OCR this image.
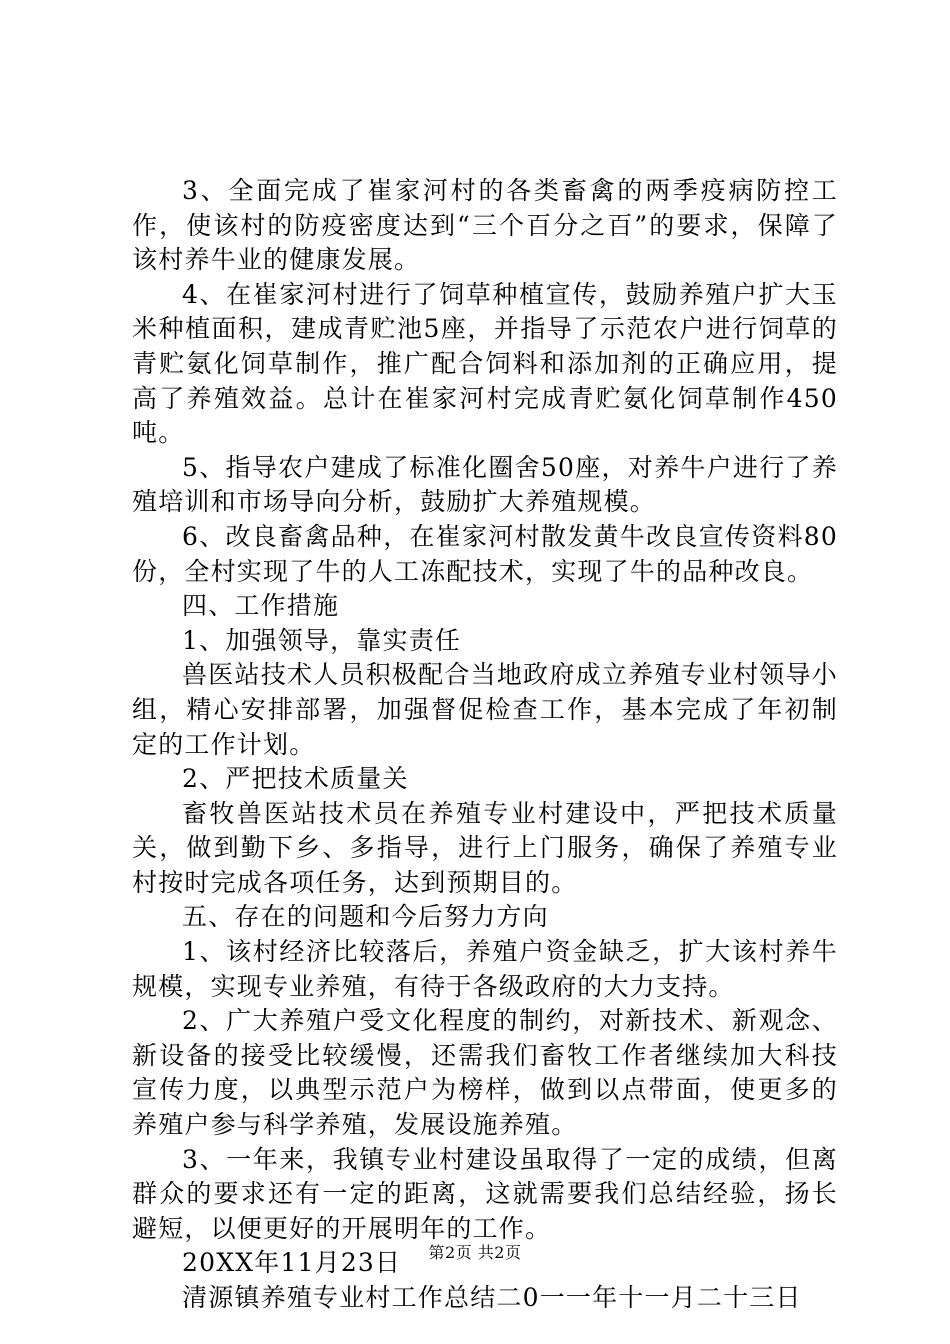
3、全面完成了崔家河村的各类畜禽的两季疫病防控工作，使该村的防疫密度达到“三个百分之百”的要求，保障了该村养牛业的健康发展。

4、在崔家河村进行了饲草种植宣传，鼓励养殖户扩大玉米种植面积，建成青贮池5座，并指导了示范农户进行饲草的青贮氨化饲草制作，推广配合饲料和添加剂的正确应用，提高了养殖效益。总计在崔家河村完成青贮氨化饲草制作450吨。

5、指导农户建成了标准化圈舍50座，对养牛户进行了养殖培训和市场导向分析，鼓励扩大养殖规模。

6、改良畜禽品种，在崔家河村散发黄牛改良宣传资料80份，全村实现了牛的人工冻配技术，实现了牛的品种改良。

四、工作措施

1、加强领导，靠实责任

兽医站技术人员积极配合当地政府成立养殖专业村领导小组，精心安排部署，加强督促检查工作，基本完成了年初制定的工作计划。

2、严把技术质量关

畜牧兽医站技术员在养殖专业村建设中，严把技术质量关，做到勤下乡、多指导，进行上门服务，确保了养殖专业村按时完成各项任务，达到预期目的。

五、存在的问题和今后努力方向

1、该村经济比较落后，养殖户资金缺乏，扩大该村养牛规模，实现专业养殖，有待于各级政府的大力支持。

2、广大养殖户受文化程度的制约，对新技术、新观念、新设备的接受比较缓慢，还需我们畜牧工作者继续加大科技宣传力度，以典型示范户为榜样，做到以点带面，使更多的养殖户参与科学养殖，发展设施养殖。

3、一年来，我镇专业村建设虽取得了一定的成绩，但离群众的要求还有一定的距离，这就需要我们总结经验，扬长避短，以便更好的开展明年的工作。

20XX年11月23日

清源镇养殖专业村工作总结二0一一年十一月二十三日

第2页 共2页
